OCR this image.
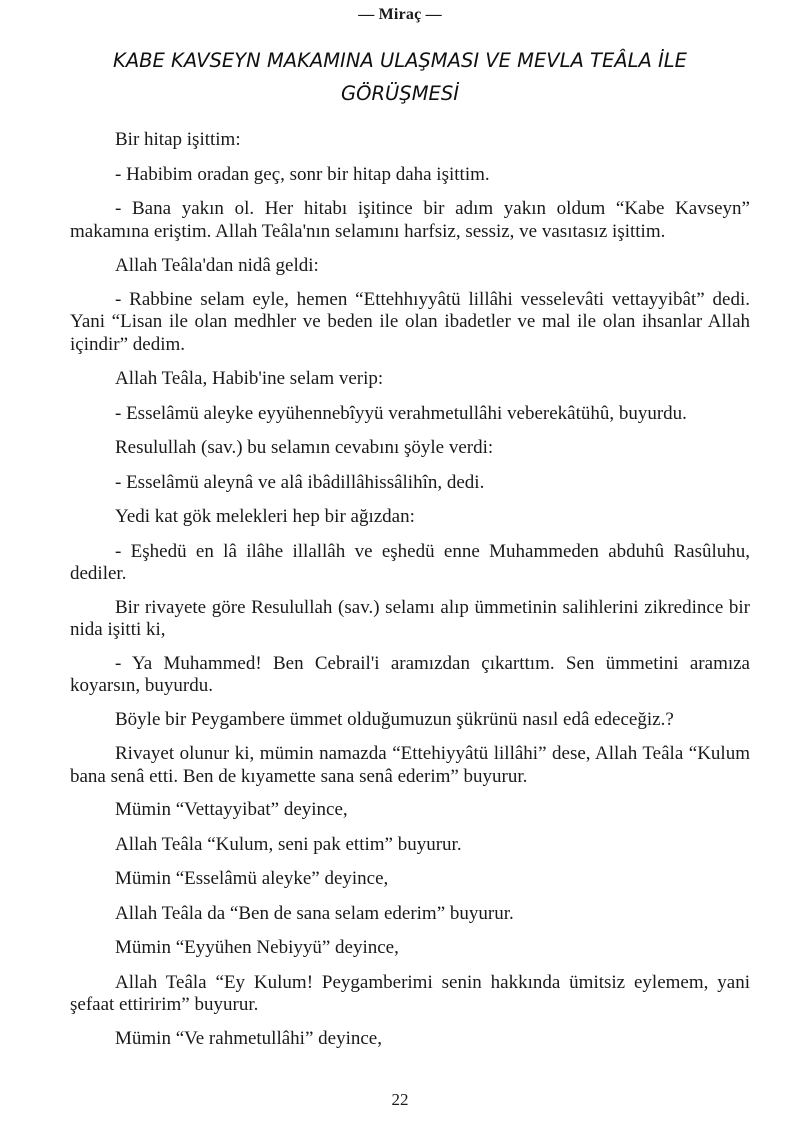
— Miraç —
KABE KAVSEYN MAKAMINA ULAŞMASI VE MEVLA TEÂLA İLE
GÖRÜŞMESİ

Bir hitap işittim:

- Habibim oradan geç, sonr bir hitap daha işittim.

- Bana yakın ol. Her hitabı işitince bir adım yakın oldum “Kabe Kavseyn” makamına eriştim. Allah Teâla'nın selamını harfsiz, sessiz, ve vasıtasız işittim.

Allah Teâla'dan nidâ geldi:

- Rabbine selam eyle, hemen “Ettehhıyyâtü lillâhi vesselevâti vettayyibât” dedi. Yani “Lisan ile olan medhler ve beden ile olan ibadetler ve mal ile olan ihsanlar Allah içindir” dedim.

Allah Teâla, Habib'ine selam verip:

- Esselâmü aleyke eyyühennebîyyü verahmetullâhi veberekâtühû, buyurdu.

Resulullah (sav.) bu selamın cevabını şöyle verdi:

- Esselâmü aleynâ ve alâ ibâdillâhissâlihîn, dedi.

Yedi kat gök melekleri hep bir ağızdan:

- Eşhedü en lâ ilâhe illallâh ve eşhedü enne Muhammeden abduhû Rasûluhu, dediler.

Bir rivayete göre Resulullah (sav.) selamı alıp ümmetinin salihlerini zikredince bir nida işitti ki,

- Ya Muhammed! Ben Cebrail'i aramızdan çıkarttım. Sen ümmetini aramıza koyarsın, buyurdu.

Böyle bir Peygambere ümmet olduğumuzun şükrünü nasıl edâ edeceğiz.?

Rivayet olunur ki, mümin namazda “Ettehiyyâtü lillâhi” dese, Allah Teâla “Kulum bana senâ etti. Ben de kıyamette sana senâ ederim” buyurur.

Mümin “Vettayyibat” deyince,

Allah Teâla “Kulum, seni pak ettim” buyurur.

Mümin “Esselâmü aleyke” deyince,

Allah Teâla da “Ben de sana selam ederim” buyurur.

Mümin “Eyyühen Nebiyyü” deyince,

Allah Teâla “Ey Kulum! Peygamberimi senin hakkında ümitsiz eylemem, yani şefaat ettiririm” buyurur.

Mümin “Ve rahmetullâhi” deyince,

22
